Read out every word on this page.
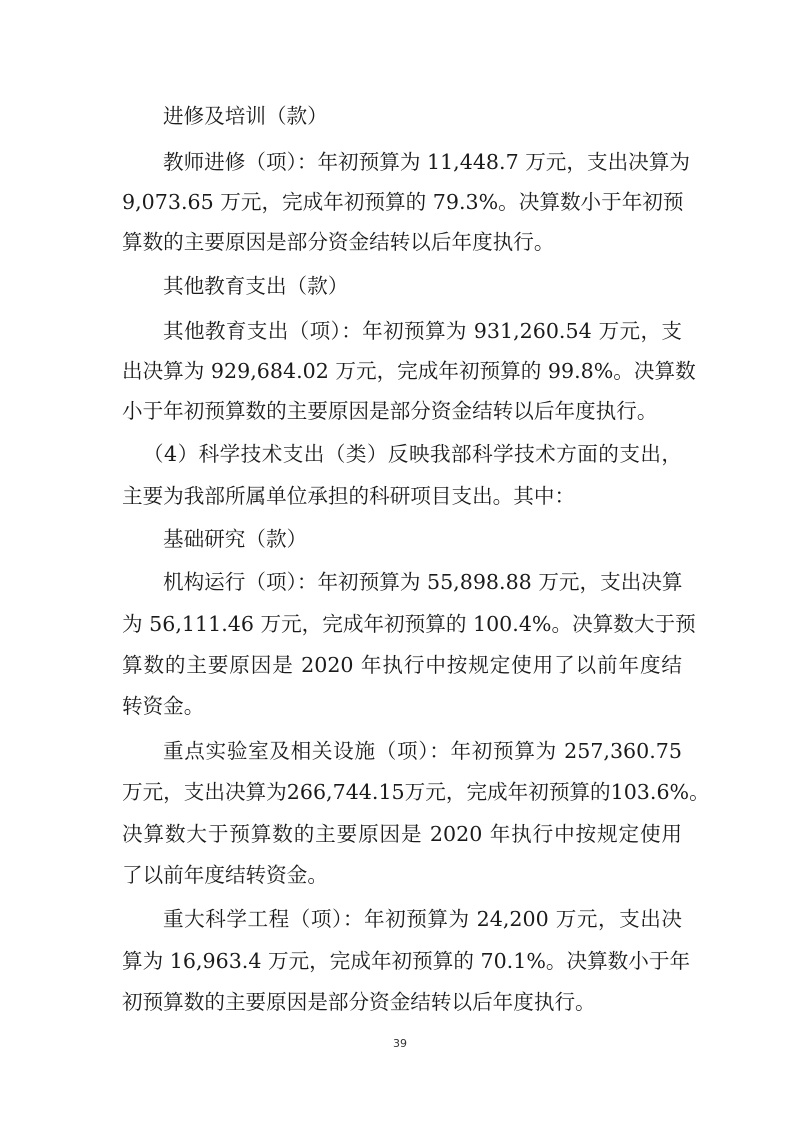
进修及培训（款）
教师进修（项）：年初预算为 11,448.7 万元，支出决算为
9,073.65 万元，完成年初预算的 79.3%。决算数小于年初预
算数的主要原因是部分资金结转以后年度执行。
其他教育支出（款）
其他教育支出（项）：年初预算为 931,260.54 万元，支
出决算为 929,684.02 万元，完成年初预算的 99.8%。决算数
小于年初预算数的主要原因是部分资金结转以后年度执行。
（4）科学技术支出（类）反映我部科学技术方面的支出，
主要为我部所属单位承担的科研项目支出。其中：
基础研究（款）
机构运行（项）：年初预算为 55,898.88 万元，支出决算
为 56,111.46 万元，完成年初预算的 100.4%。决算数大于预
算数的主要原因是 2020 年执行中按规定使用了以前年度结
转资金。
重点实验室及相关设施（项）：年初预算为 257,360.75
万元，支出决算为266,744.15万元，完成年初预算的103.6%。
决算数大于预算数的主要原因是 2020 年执行中按规定使用
了以前年度结转资金。
重大科学工程（项）：年初预算为 24,200 万元，支出决
算为 16,963.4 万元，完成年初预算的 70.1%。决算数小于年
初预算数的主要原因是部分资金结转以后年度执行。
39
